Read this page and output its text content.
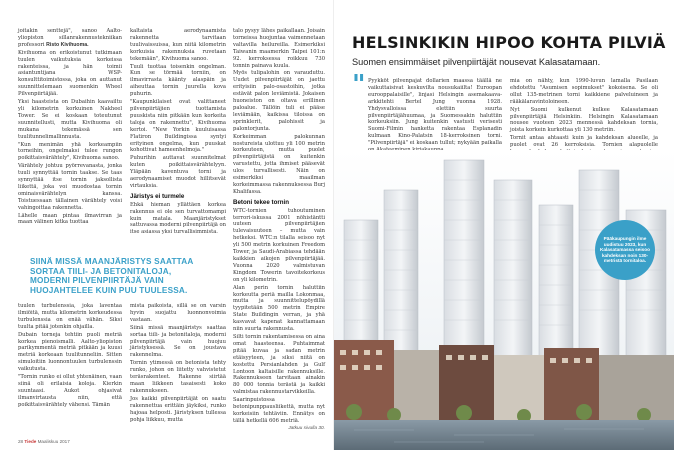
joitakin senttejä", sanoo Aalto-yliopiston sillanrakennustekniikan professori Risto Kivihuoma.

Kivihuoma on erikoistunut tutkimaan tuulen vaikutuksia korkeissa rakenteissa, ja hän toimii asiantuntijana WSP-konsulttitoimistossa, joka on auttanut suunnittelemaan suomenkin Wheel Pilvenpiirtäjää.

Yksi haasteista on Dubaihin kaavailtu yli kilometrin korkuinen Nakheel Tower. Se ei koskaan toteutunut suunnitellusti, mutta Kivihuoma oli mukana tekemässä sen tuulitunnelimallinnusta.

"Kun menimän yhä korkeampiin torneihin, ongelmaksi tulee rungon poikittaisvärähtely", Kivihuoma sanoo.

Värähtely johtuu pyörrevanasta, jonka tuuli synnyttää tornin taakse. Se taas synnyttää itse tornin jaksollista liikettä, joka voi muodostaa tornin ominaisvärähtelyn kanssa. Toistuessaan tällainen värähtely voisi vahingoittaa rakennetta.

Lähelle maan pintaa ilmavirran ja maan välinen kitka tuottaa

kaltaista aerodynaamista rakennetta tarvitaan tuulivaissuissa, kun niitä kilometrin korkuisia rakennuksia ruvetaan tekemään", Kivihuoma sanoo.

Tuuli tuottaa toisenkin ongelman. Kun se törmää torniin, on ilmavirrasta käänty alaspäin ja aiheuttaa tornin juurella kova puhurin.

"Kaupunkilaiset ovat valittaneet pilvenpiirtäjien tuottamista puuskista niin pitkään kun korkeita taloja on rakennettu", Kivihuoma kertoi. "New Yorkin kuuluisassa Flatiron Buildingissa syntyi erityinen ongelma, kun puuskat kohottivat hameenhelmoja."

Puhurihin auttavat suunnitelmat kuten poikittaisvärähtelyyn. Yläpään kaventuva torni ja aerodynaamiset muodot hillitsevät virtauksia.

Järistys ei turmele

Ehkä hieman yllättäen korkea rakennus ei ole sen turvattomampi kuin matala. Maanjäristykset sattuvassa moderni pilvenpiirtäjä on itse asiassa yksi turvallisimmista.

talo pysyy lähes paikallaan. Joisain torneissa huojuntaa vaimennetaan valtavilla heilureilla. Esimerkiksi Taiwanin maamerkin Taipei 101:n 92. kerroksessa roikkuu 730 tonnin painava kuula.

Myös tulipalohin on varauduttu. Uudet pilvenpiirtäjät on jaettu erityisiin palo-osastoihin, jotka estävät palon leviämistä. Jokaisen huoneiston on oltava erillinen paloalue. Tällöin tuli ei pääse leviämään, kaikissa tiloissa on sprinklerit, palohissit ja palontorjunta.

Korkeimman palokunnan nostureista ulottuu yli 100 metrin korkeuteen, mutta puolet pilvenpiirtäjistä on kuitenkin varustettu, jotta ihmiset pääsevät ulos turvallisesti. Näin on esimerkiksi maailman korkeimmassa rakennuksessa Burj Khalifassa.

Betoni tekee tornin

WTC-tornien tuhoutuminen terrori-iskussa 2001 nöhistäntti uuteen pilvenpiirtäjien tulevaisuuteen – mutta vain hetkeksi. WTC:n tilalla seisoo nyt yli 500 metrin korkuinen Freedom Tower, ja Saudi-Arabiassa tehdään kaikkien aikojen pilvenpiirtäjää. Vuonna 2020 valmistuvan Kingdom Towerin tavoitekorkeus on yli kilometrin.

Alan perin tornin haluttiin korkeutta periä mailla Lokonmaa, mutta ja suunnittelupöydillä tyypitetään 500 metrin Empire State Buildingin verran, ja yhä kasvavat kapenat kannattamaan niin suurta rakennusta.

Silti tornin rakentamisessa on aina omat haasteensa. Puhtaimmat pitää kuvaa ja sadan metrin etäisyyteen, ja siksi niitä on kostettu Persianlahden ja Gulf Lontoon kaltaisille rakennuksille. Rakennukseen tarvitaan ainakin 80 000 tonnia terästä ja kaikki valmistaa rakennustarvikkeilla.

Saarinpuistossa betonipunppausliikettä, mutta nyt korkeisiin tehtäviin. Ennätys on tällä hetkellä 606 metriä.

Jatkuu sivulla 30.
SIINÄ MISSÄ MAANJÄRISTYS SAATTAA SORTAA TIILI- JA BETONITALOJA, MODERNI PILVENPIIRTÄJÄ VAIN HUOJAHTELEE KUIN PUU TUULESSA.

tuulen turbulenssia, joka laventaa ilmiöitä, mutta kilometrin korkeudessa turbulenssia on enää vähän. Siksi tuulta pitää jotenkin ohjailla.

Dubain torneja tehtiin puoli metriä korkea pienoismalli. Aalto-yliopiston parikymmentä metriä pitkään ja kuusi metriä korkeaan tuulitunneliin. Sitten simuloitiin luonnontuulen turbulenssin vaikutusta.

"Tornin runko ei ollut yhtenäinen, vaan siinä oli erilaisia koloja. Kierkin suuntaasi. Aukot ohjasivat ilmanvirtausta niin, että poikittaisvärähtely vähensi. Tämän

mista paikoista, sillä se on varsin hyvin suojattu luonnonvoimia vastaan.

Siinä missä maanjäristys saattaa sortaa tiili- ja betonitaloja, moderni pilvenpiirtäjä vain huojuu järistyksessä. Se on joustava rakennelma.

Tornin ytimessä on betonista tehty runko, johon on liitetty vahvistetut teräsrakenteet. Rakenne siirtää maan liikkeen tasaisesti koko rakennukseen.

Jos kaikki pilvenpiirtäjät on saatu rakennettua erittäin jäykiksi, runko hajoaa helposti. Järistyksen tullessa pohja liikkuu, mutta

28 Tiede Maaliskuu 2017
HELSINKIKIN HIPOO KOHTA PILVIÄ
Suomen ensimmäiset pilvenpiirtäjät nousevat Kalasatamaan.
" Pyykköt pilvenpajat dollarien maassa täällä ne vaikuttaisivat keskuvilta nousukaiilta! Euroopan eurooppalaisille", linjasi Helsingin asemakaava-arkkitehti Bertel Jung vuonna 1928. Yhdysvalloissa elettiin suurta pilvenpiirtäjähuumaa, ja Suomessakin haluttiin korkeuksiin. Jung kuitenkin vastusti verisesti Suomi-Filmin hanketta rakentaa Esplanadin kulmaan Kino-Palatsin 18-kerroksinen torni. "Pilvenpiirtäjä" ei koskaan tullut; nykyään paikalla

mia on nähty, kun 1990-luvun lamalla Pasilaan ehdotettu "Asumisen sopimukset" kokoisena. Se oli ollut 135-metrinen torni kaikkiene palveluineen ja rääkälaravintoloineen.

Nyt Suomi kulkenut kulkee Kalasatamaan pilvenpiirtäjiä Helsinkiin. Helsingin Kalasatamaan nousee vuoteen 2023 mennessä kahdeksan tornia, joista korkein kurkottaa yli 130 metriin.

Tornit antaa ahtaasti kuin ja kahdeksan alueelle, ja puolet ovat 26 kerroksisia. Tornien alapuolelle

Pääkaupungin ilme uudistuu 2023, kun Kalasatamassa seisoo kahdeksan noin 130-metristä tornitaloa.
